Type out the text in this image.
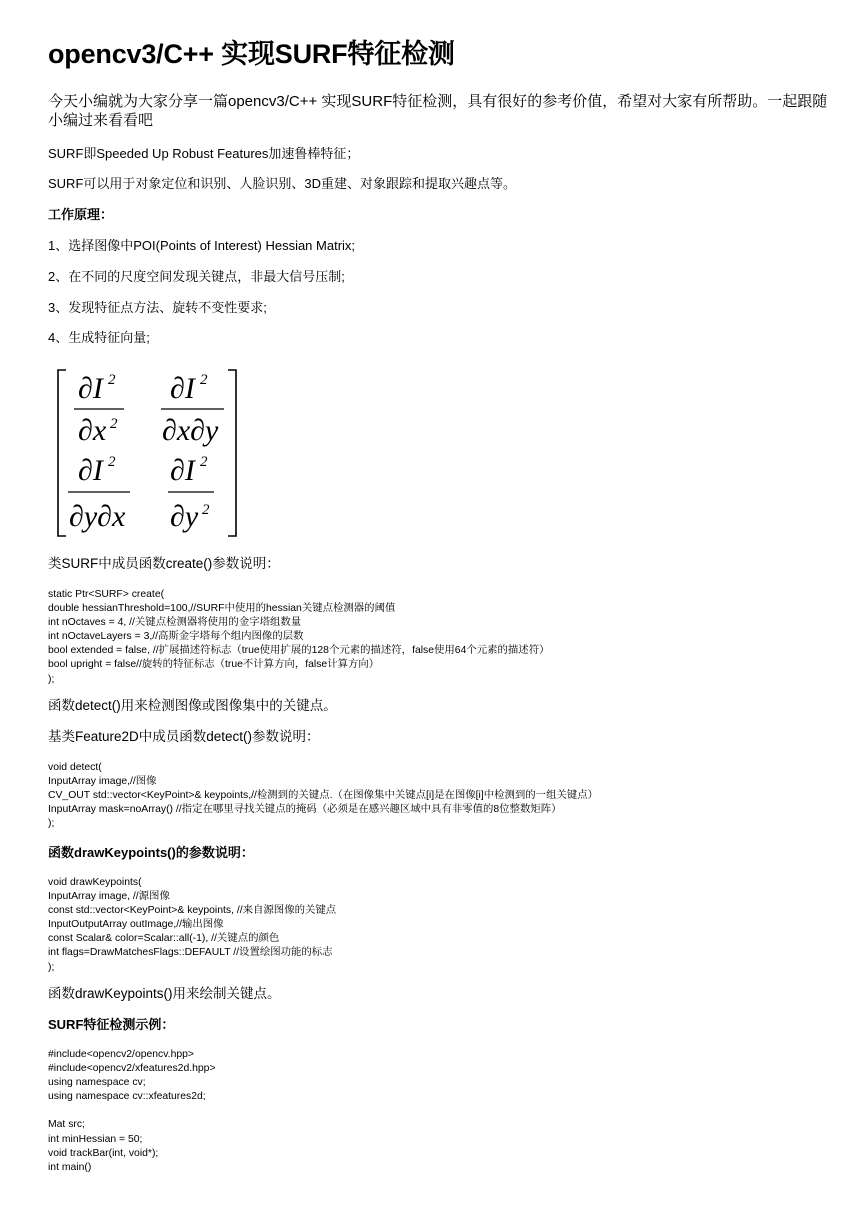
opencv3/C++ 实现SURF特征检测
今天小编就为大家分享一篇opencv3/C++ 实现SURF特征检测，具有很好的参考价值，希望对大家有所帮助。一起跟随小编过来看看吧
SURF即Speeded Up Robust Features加速鲁棒特征；
SURF可以用于对象定位和识别、人脸识别、3D重建、对象跟踪和提取兴趣点等。
工作原理：
1、选择图像中POI(Points of Interest) Hessian Matrix;
2、在不同的尺度空间发现关键点，非最大信号压制;
3、发现特征点方法、旋转不变性要求;
4、生成特征向量;
∂I 2
∂x 2
∂I 2
∂x∂y
∂I 2
∂y∂x
∂I 2
∂y 2
类SURF中成员函数create()参数说明：
static Ptr<SURF> create(
double hessianThreshold=100,//SURF中使用的hessian关键点检测器的阈值
int nOctaves = 4, //关键点检测器将使用的金字塔组数量
int nOctaveLayers = 3,//高斯金字塔每个组内图像的层数
bool extended = false, //扩展描述符标志（true使用扩展的128个元素的描述符，false使用64个元素的描述符）
bool upright = false//旋转的特征标志（true不计算方向，false计算方向）
);
函数detect()用来检测图像或图像集中的关键点。
基类Feature2D中成员函数detect()参数说明：
void detect(
InputArray image,//图像
CV_OUT std::vector<KeyPoint>& keypoints,//检测到的关键点.（在图像集中关键点[i]是在图像[i]中检测到的一组关键点）
InputArray mask=noArray() //指定在哪里寻找关键点的掩码（必须是在感兴趣区域中具有非零值的8位整数矩阵）
);
函数drawKeypoints()的参数说明：
void drawKeypoints(
InputArray image, //源图像
const std::vector<KeyPoint>& keypoints, //来自源图像的关键点
InputOutputArray outImage,//输出图像
const Scalar& color=Scalar::all(-1), //关键点的颜色
int flags=DrawMatchesFlags::DEFAULT //设置绘图功能的标志
);
函数drawKeypoints()用来绘制关键点。
SURF特征检测示例：
#include<opencv2/opencv.hpp>
#include<opencv2/xfeatures2d.hpp>
using namespace cv;
using namespace cv::xfeatures2d;
Mat src;
int minHessian = 50;
void trackBar(int, void*);
int main()
